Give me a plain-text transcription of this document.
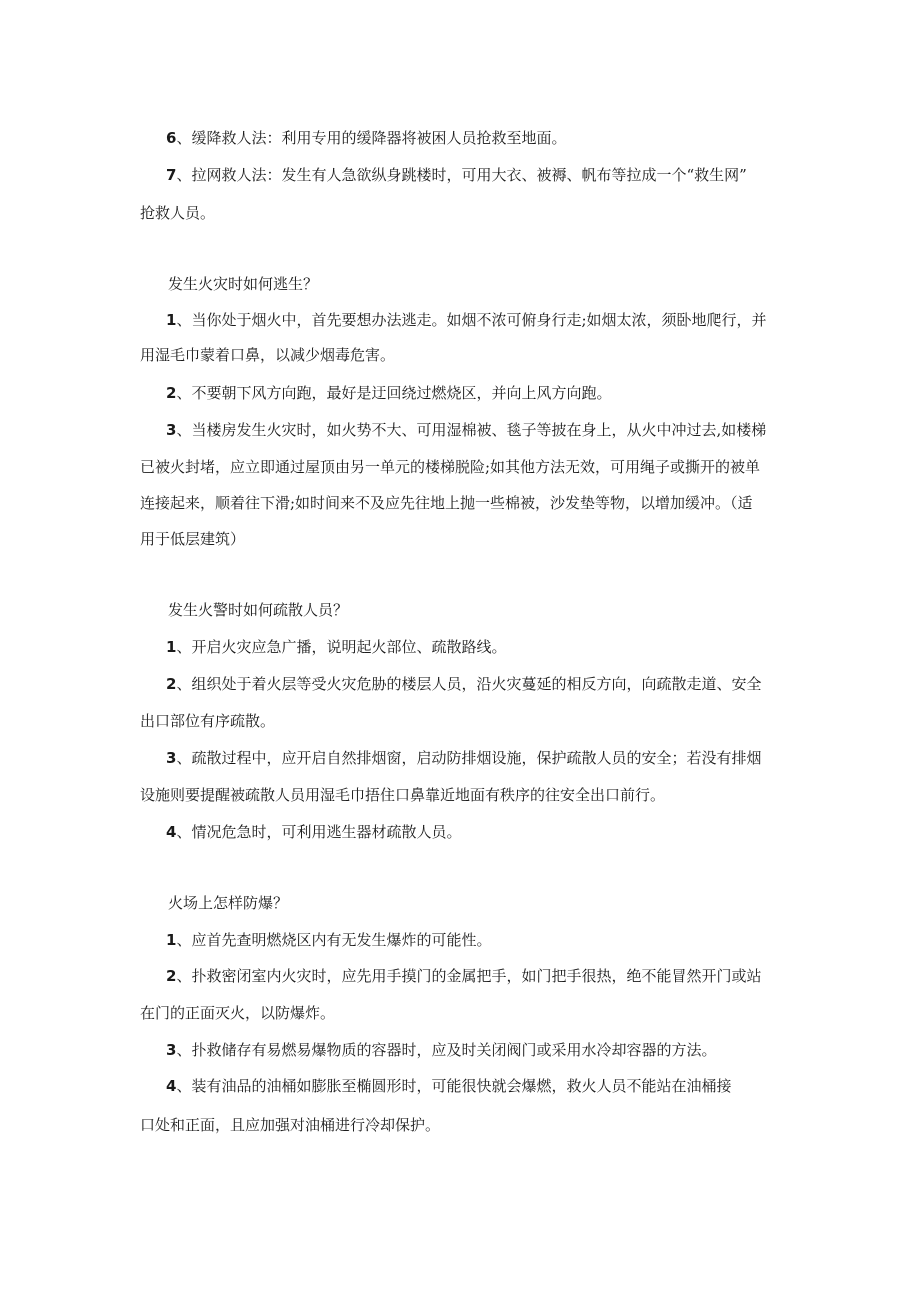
6、缓降救人法：利用专用的缓降器将被困人员抢救至地面。

7、拉网救人法：发生有人急欲纵身跳楼时，可用大衣、被褥、帆布等拉成一个“救生网”

抢救人员。

发生火灾时如何逃生？

1、当你处于烟火中，首先要想办法逃走。如烟不浓可俯身行走;如烟太浓，须卧地爬行，并

用湿毛巾蒙着口鼻，以减少烟毒危害。

2、不要朝下风方向跑，最好是迂回绕过燃烧区，并向上风方向跑。

3、当楼房发生火灾时，如火势不大、可用湿棉被、毯子等披在身上，从火中冲过去,如楼梯

已被火封堵，应立即通过屋顶由另一单元的楼梯脱险;如其他方法无效，可用绳子或撕开的被单

连接起来，顺着往下滑;如时间来不及应先往地上抛一些棉被，沙发垫等物，以增加缓冲。（适

用于低层建筑）

发生火警时如何疏散人员？

1、开启火灾应急广播，说明起火部位、疏散路线。

2、组织处于着火层等受火灾危胁的楼层人员，沿火灾蔓延的相反方向，向疏散走道、安全

出口部位有序疏散。

3、疏散过程中，应开启自然排烟窗，启动防排烟设施，保护疏散人员的安全；若没有排烟

设施则要提醒被疏散人员用湿毛巾捂住口鼻靠近地面有秩序的往安全出口前行。

4、情况危急时，可利用逃生器材疏散人员。

火场上怎样防爆？

1、应首先查明燃烧区内有无发生爆炸的可能性。

2、扑救密闭室内火灾时，应先用手摸门的金属把手，如门把手很热，绝不能冒然开门或站

在门的正面灭火，以防爆炸。

3、扑救储存有易燃易爆物质的容器时，应及时关闭阀门或采用水冷却容器的方法。

4、装有油品的油桶如膨胀至椭圆形时，可能很快就会爆燃，救火人员不能站在油桶接

口处和正面，且应加强对油桶进行冷却保护。
